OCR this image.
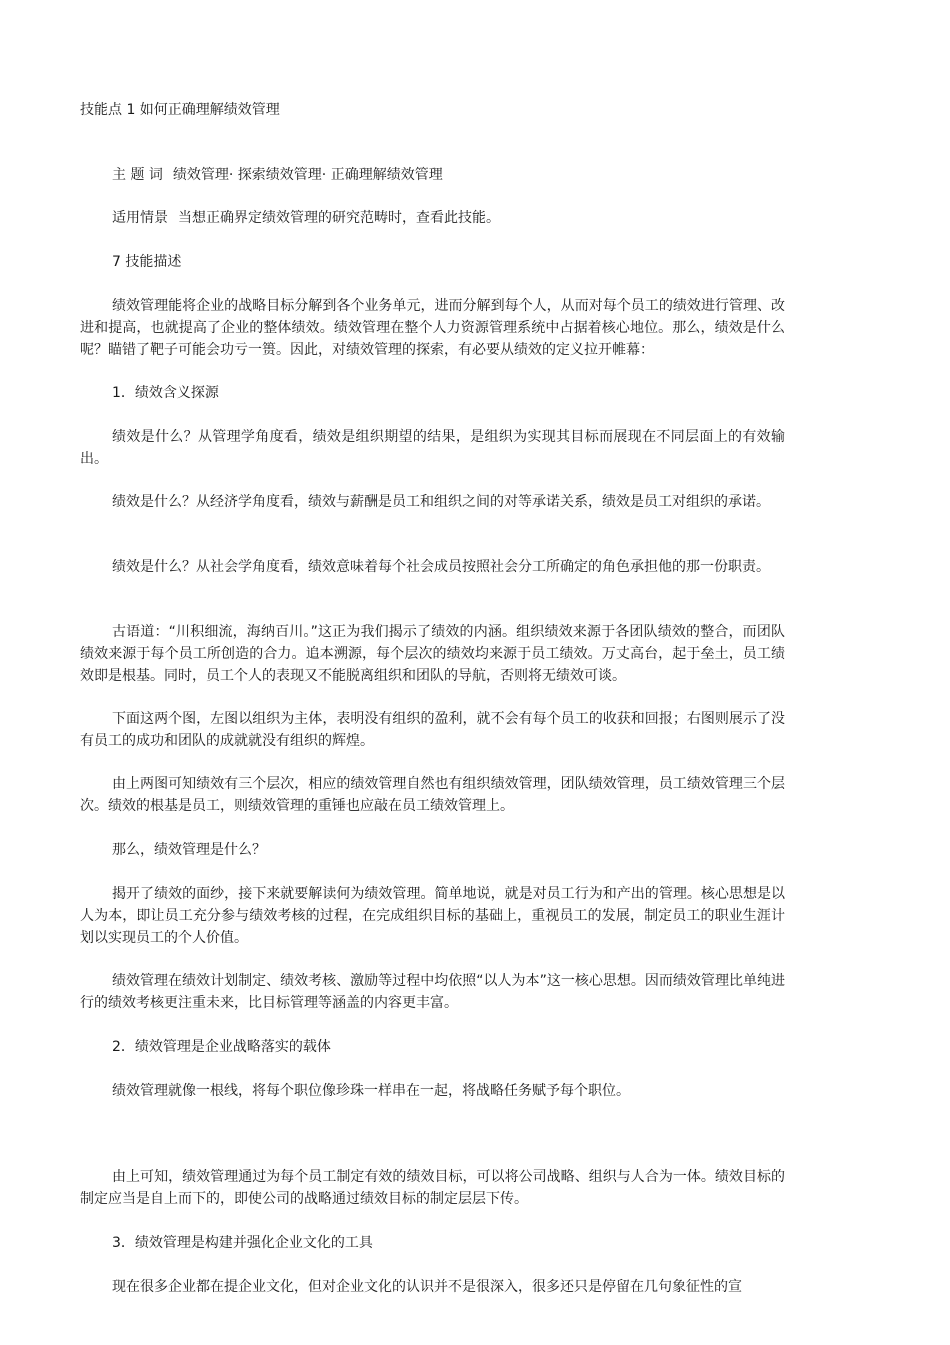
技能点 1 如何正确理解绩效管理

主 题 词 绩效管理· 探索绩效管理· 正确理解绩效管理

适用情景 当想正确界定绩效管理的研究范畴时，查看此技能。

7 技能描述

绩效管理能将企业的战略目标分解到各个业务单元，进而分解到每个人，从而对每个员工的绩效进行管理、改进和提高，也就提高了企业的整体绩效。绩效管理在整个人力资源管理系统中占据着核心地位。那么，绩效是什么呢？瞄错了靶子可能会功亏一篑。因此，对绩效管理的探索，有必要从绩效的定义拉开帷幕：

1．绩效含义探源

绩效是什么？从管理学角度看，绩效是组织期望的结果，是组织为实现其目标而展现在不同层面上的有效输出。

绩效是什么？从经济学角度看，绩效与薪酬是员工和组织之间的对等承诺关系，绩效是员工对组织的承诺。

绩效是什么？从社会学角度看，绩效意味着每个社会成员按照社会分工所确定的角色承担他的那一份职责。

古语道：“川积细流，海纳百川。”这正为我们揭示了绩效的内涵。组织绩效来源于各团队绩效的整合，而团队绩效来源于每个员工所创造的合力。追本溯源，每个层次的绩效均来源于员工绩效。万丈高台，起于垒土，员工绩效即是根基。同时，员工个人的表现又不能脱离组织和团队的导航，否则将无绩效可谈。

下面这两个图，左图以组织为主体，表明没有组织的盈利，就不会有每个员工的收获和回报；右图则展示了没有员工的成功和团队的成就就没有组织的辉煌。

由上两图可知绩效有三个层次，相应的绩效管理自然也有组织绩效管理，团队绩效管理，员工绩效管理三个层次。绩效的根基是员工，则绩效管理的重锤也应敲在员工绩效管理上。

那么，绩效管理是什么？

揭开了绩效的面纱，接下来就要解读何为绩效管理。简单地说，就是对员工行为和产出的管理。核心思想是以人为本，即让员工充分参与绩效考核的过程，在完成组织目标的基础上，重视员工的发展，制定员工的职业生涯计划以实现员工的个人价值。

绩效管理在绩效计划制定、绩效考核、激励等过程中均依照“以人为本”这一核心思想。因而绩效管理比单纯进行的绩效考核更注重未来，比目标管理等涵盖的内容更丰富。

2．绩效管理是企业战略落实的载体

绩效管理就像一根线，将每个职位像珍珠一样串在一起，将战略任务赋予每个职位。

由上可知，绩效管理通过为每个员工制定有效的绩效目标，可以将公司战略、组织与人合为一体。绩效目标的制定应当是自上而下的，即使公司的战略通过绩效目标的制定层层下传。

3．绩效管理是构建并强化企业文化的工具

现在很多企业都在提企业文化，但对企业文化的认识并不是很深入，很多还只是停留在几句象征性的宣
